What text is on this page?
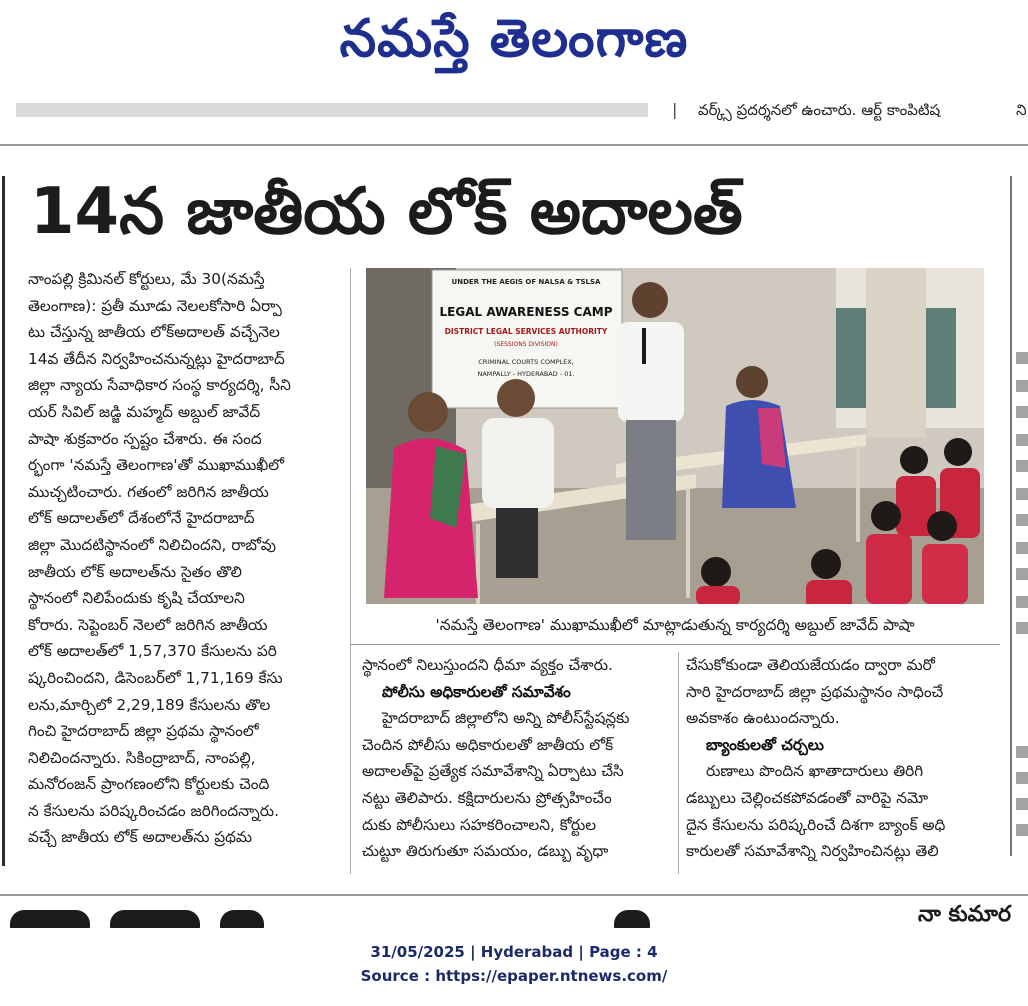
నమస్తే తెలంగాణ
| వర్క్స్ ప్రదర్శనలో ఉంచారు. ఆర్ట్ కాంపిటిష	ని
14న జాతీయ లోక్ అదాలత్
నాంపల్లి క్రిమినల్ కోర్టులు, మే 30(నమస్తే
తెలంగాణ): ప్రతీ మూడు నెలలకోసారి ఏర్పా
టు చేస్తున్న జాతీయ లోక్‌అదాలత్ వచ్చేనెల
14వ తేదీన నిర్వహించనున్నట్లు హైదరాబాద్
జిల్లా న్యాయ సేవాధికార సంస్థ కార్యదర్శి, సీని
యర్ సివిల్ జడ్జి మహ్మద్ అబ్దుల్ జావేద్
పాషా శుక్రవారం స్పష్టం చేశారు. ఈ సంద
ర్భంగా 'నమస్తే తెలంగాణ'తో ముఖాముఖీలో
ముచ్చటించారు. గతంలో జరిగిన జాతీయ
లోక్ అదాలత్‌లో దేశంలోనే హైదరాబాద్
జిల్లా మొదటిస్థానంలో నిలిచిందని, రాబోవు
జాతీయ లోక్ అదాలత్‌ను సైతం తొలి
స్థానంలో నిలిపేందుకు కృషి చేయాలని
కోరారు. సెప్టెంబర్ నెలలో జరిగిన జాతీయ
లోక్ అదాలత్‌లో 1,57,370 కేసులను పరి
ష్కరించిందని, డిసెంబర్‌లో 1,71,169 కేసు
లను,మార్చిలో 2,29,189 కేసులను తొల
గించి హైదరాబాద్ జిల్లా ప్రథమ స్థానంలో
నిలిచిందన్నారు. సికింద్రాబాద్, నాంపల్లి,
మనోరంజన్ ప్రాంగణంలోని కోర్టులకు చెంది
న కేసులను పరిష్కరించడం జరిగిందన్నారు.
వచ్చే జాతీయ లోక్ అదాలత్‌ను ప్రథమ
UNDER THE AEGIS OF NALSA & TSLSA
LEGAL AWARENESS CAMP
DISTRICT LEGAL SERVICES AUTHORITY
(SESSIONS DIVISION)
CRIMINAL COURTS COMPLEX,
NAMPALLY - HYDERABAD - 01.
'నమస్తే తెలంగాణ' ముఖాముఖీలో మాట్లాడుతున్న కార్యదర్శి అబ్దుల్ జావేద్ పాషా
స్థానంలో నిలుస్తుందని ధీమా వ్యక్తం చేశారు.
పోలీసు అధికారులతో సమావేశం
హైదరాబాద్ జిల్లాలోని అన్ని పోలీస్‌స్టేషన్లకు
చెందిన పోలీసు అధికారులతో జాతీయ లోక్
అదాలత్‌పై ప్రత్యేక సమావేశాన్ని ఏర్పాటు చేసి
నట్టు తెలిపారు. కక్షిదారులను ప్రోత్సహించేం
దుకు పోలీసులు సహకరించాలని, కోర్టుల
చుట్టూ తిరుగుతూ సమయం, డబ్బు వృధా
చేసుకోకుండా తెలియజేయడం ద్వారా మరో
సారి హైదరాబాద్ జిల్లా ప్రథమస్థానం సాధించే
అవకాశం ఉంటుందన్నారు.
బ్యాంకులతో చర్చలు
రుణాలు పొందిన ఖాతాదారులు తిరిగి
డబ్బులు చెల్లించకపోవడంతో వారిపై నమో
దైన కేసులను పరిష్కరించే దిశగా బ్యాంక్ అధి
కారులతో సమావేశాన్ని నిర్వహించినట్లు తెలి
నా కుమార
31/05/2025 | Hyderabad | Page : 4
Source : https://epaper.ntnews.com/
